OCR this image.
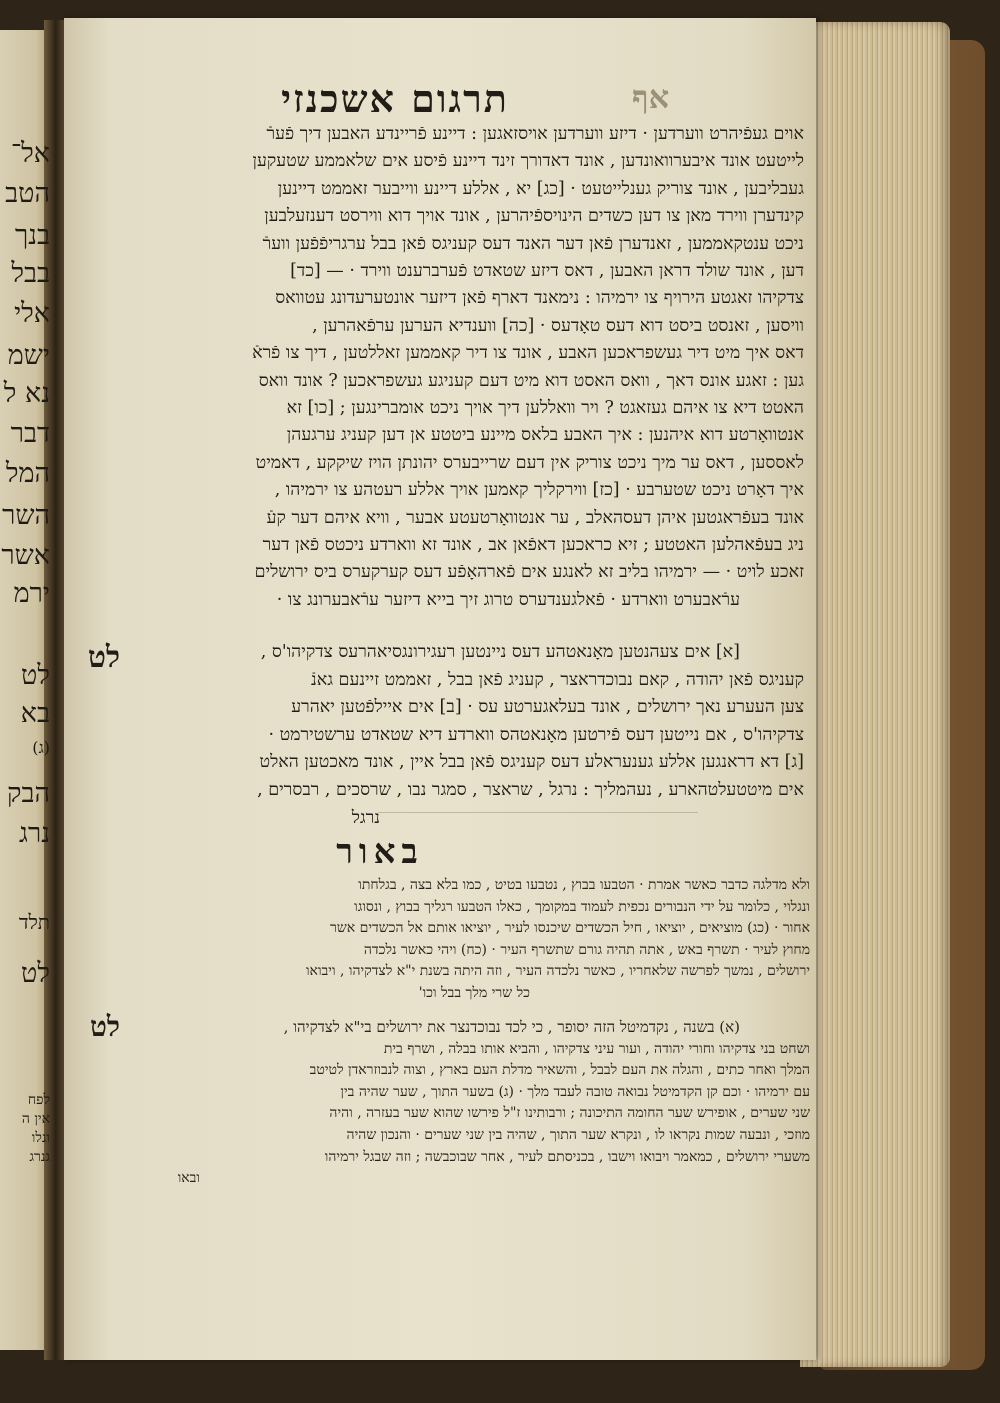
אף
תרגום אשכנזי
אוים געפֿיהרט ווערדען · דיזע ווערדען אויסזאגען : דיינע פֿריינדע האבען דיך פֿערֿ
לייטעט אונד איבערוואונדען , אונד דאדורך זינד דיינע פֿיסע אים שלאממע שטעקען
געבליבען , אונד צוריק גענלייטעט · [כג] יא , אללע דיינע ווייבער זאממט דיינען
קינדערן ווירד מאן צו דען כשדים הינויספֿיהרען , אונד אויך דוא ווירסט דענזעלבען
ניכט ענטקאממען , זאנדערן פֿאן דער האנד דעס קעניגס פֿאן בבל ערגריפֿפֿען ווערֿ
דען , אונד שולד דראן האבען , דאס דיזע שטאדט פֿערברענט ווירד · — [כד]
צדקיהו זאגטע הירויף צו ירמיהו : נימאנד דארף פֿאן דיזער אונטערעדונג עטוואס
וויסען , זאנסט ביסט דוא דעס טאָדעס · [כה] ווענדיא הערען ערפֿאהרען ,
דאס איך מיט דיר געשפראכען האבע , אונד צו דיר קאממען זאללטען , דיך צו פֿראֿ
גען : זאגע אונס דאך , וואס האסט דוא מיט דעם קעניגע געשפראכען ? אונד וואס
האטט דיא צו איהם געזאגט ? ויר וואללען דיך אויך ניכט אומברינגען ; [כו] זא
אנטוואָרטע דוא איהנען : איך האבע בלאס מיינע ביטטע אן דען קעניג ערגעהן
לאססען , דאס ער מיך ניכט צוריק אין דעם שרייבערס יהונתן הויז שיקקע , דאמיט
איך דאָרט ניכט שטערבע · [כז] ווירקליך קאמען אויך אללע רעטהע צו ירמיהו ,
אונד בעפֿראגטען איהן דעסהאלב , ער אנטוואָרטעטע אבער , וויא איהם דער קעֿ
ניג בעפֿאהלען האטטע ; זיא כראכען דאפֿאן אב , אונד זא ווארדע ניכטס פֿאן דער
זאכע לויט · — ירמיהו בליב זא לאנגע אים פֿארהאָפֿע דעס קערקערס ביס ירושלים
ערֿאבערט ווארדע · פֿאלגענדערס טרוג זיך בייא דיזער ערֿאבערונג צו ·
לט	[א] אים צעהנטען מאָנאטהע דעס ניינטען רעגירונגסיאהרעס צדקיהו'ס ,
קעניגס פֿאן יהודה , קאם נבוכדראצר , קעניג פֿאן בבל , זאממט זיינעם גאנֿ
צען העערע נאך ירושלים , אונד בעלאגערטע עס · [ב] אים איילפֿטען יאהרע
צדקיהו'ס , אם נייטען דעס פֿירטען מאָנאטהס ווארדע דיא שטאדט ערשטירמט ·
[ג] דא דראנגען אללע גענעראלע דעס קעניגס פֿאן בבל איין , אונד מאכטען האלט
אים מיטטעלטהארע , נעהמליך : נרגל , שראצר , סמגר נבו , שרסכים , רבסרים ,
נרגל
באור
ולא מדלגה כדבר כאשר אמרת · הטבעו בבוץ , נטבעו בטיט , כמו בלא בצה , בגלחתו
ונגלוי , כלומר על ידי הנבורים נכפית לעמוד במקומך , כאלו הטבעו רגליך בבוץ , ונסוגו
אחור · (כג) מוציאים , יוציאו , חיל הכשדים שיכנסו לעיר , יוציאו אותם אל הכשדים אשר
מחוץ לעיר · תשרף באש , אתה תהיה גורם שתשרף העיר · (כח) ויהי כאשר נלכדה
ירושלים , נמשך לפרשה שלאחריו , כאשר נלכדה העיר , וזה היתה בשנת י"א לצדקיהו , ויבואו
כל שרי מלך בבל וכו'
לט	(א) בשנה , נקדמיטל הזה יסופר , כי לכד נבוכדנצר את ירושלים בי"א לצדקיהו ,
ושחט בני צדקיהו וחורי יהודה , ועור עיני צדקיהו , והביא אותו בבלה , ושרף בית
המלך ואחר כתים , והגלה את העם לבבל , והשאיר מדלת העם בארץ , וצוה לנבוזראדן לטיטב
עם ירמיהו · וכם קן הקדמיטל נבואה טובה לעבד מלך · (ג) בשער התוך , שער שהיה בין
שני שערים , אופירש שער החומה התיכונה ; ורבותינו ז"ל פירשו שהוא שער בעזרה , והיה
מוזכי , ונבעה שמות נקראו לו , ונקרא שער התוך , שהיה בין שני שערים · והנכון שהיה
משערי ירושלים , כמאמר ויבואו וישבו , בכניסתם לעיר , אחר שבוכבשה ; וזה שבגל ירמיהו
ובאו
אל־
הטב
בנך
בבל
אלי
ישמ
נא ל
דבר
המל
השר
אשר
ירמ
לט
בא
(ג)
הבק
נרג
תלד
לט
לפח
אין ה
ונלו
גנרג
